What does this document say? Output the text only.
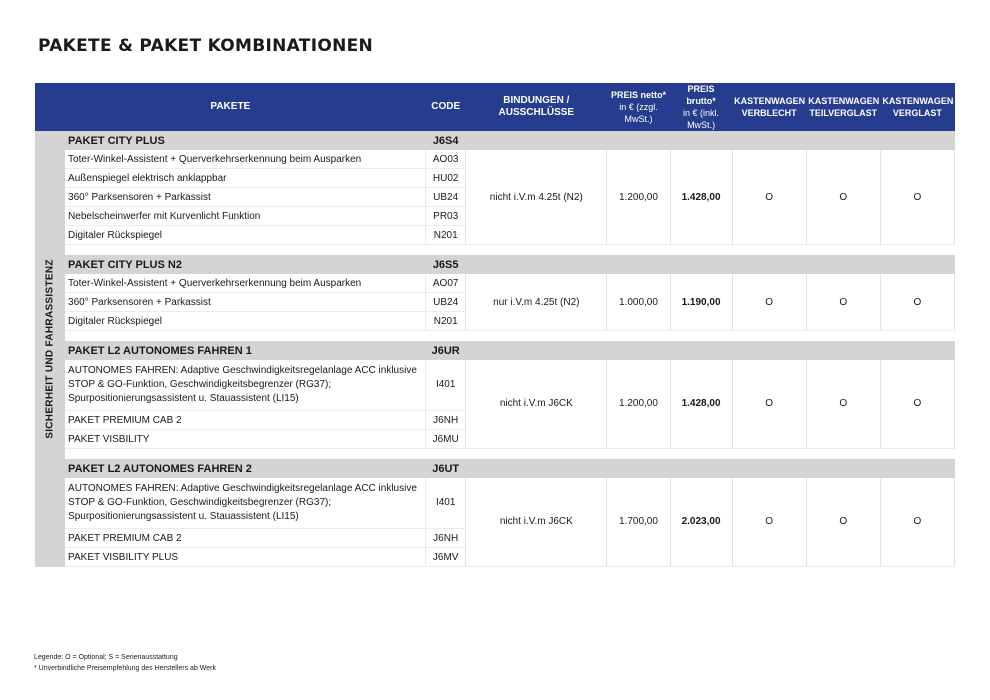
PAKETE & PAKET KOMBINATIONEN
PAKETE		CODE	BINDUNGEN / AUSSCHLÜSSE	PREIS netto*
in € (zzgl. MwSt.)	PREIS brutto*
in € (inkl. MwSt.)	KASTENWAGEN VERBLECHT	KASTENWAGEN TEILVERGLAST	KASTENWAGEN VERGLAST

SICHERHEIT UND FAHRASSISTENZ	PAKET CITY PLUS	J6S4						
	Toter-Winkel-Assistent + Querverkehrserkennung beim Ausparken	AO03	nicht i.V.m 4.25t (N2)	1.200,00	1.428,00	O	O	O
	Außenspiegel elektrisch anklappbar	HU02						
	360° Parksensoren + Parkassist	UB24						
	Nebelscheinwerfer mit Kurvenlicht Funktion	PR03						
	Digitaler Rückspiegel	N201						

	PAKET CITY PLUS N2	J6S5						
	Toter-Winkel-Assistent + Querverkehrserkennung beim Ausparken	AO07	nur i.V.m 4.25t (N2)	1.000,00	1.190,00	O	O	O
	360° Parksensoren + Parkassist	UB24						
	Digitaler Rückspiegel	N201						

	PAKET L2 AUTONOMES FAHREN 1	J6UR						

	AUTONOMES FAHREN: Adaptive Geschwindigkeitsregelanlage ACC inklusive
STOP & GO-Funktion, Geschwindigkeitsbegrenzer (RG37);
Spurpositionierungsassistent u. Stauassistent (LI15)	I401	nicht i.V.m J6CK	1.200,00	1.428,00	O	O	O
	PAKET PREMIUM CAB 2	J6NH						
	PAKET VISBILITY	J6MU						

	PAKET L2 AUTONOMES FAHREN 2	J6UT						

	AUTONOMES FAHREN: Adaptive Geschwindigkeitsregelanlage ACC inklusive
STOP & GO-Funktion, Geschwindigkeitsbegrenzer (RG37);
Spurpositionierungsassistent u. Stauassistent (LI15)	I401	nicht i.V.m J6CK	1.700,00	2.023,00	O	O	O
	PAKET PREMIUM CAB 2	J6NH						
	PAKET VISBILITY PLUS	J6MV						
Legende: O = Optional; S = Serienausstattung
* Unverbindliche Preisempfehlung des Herstellers ab Werk
